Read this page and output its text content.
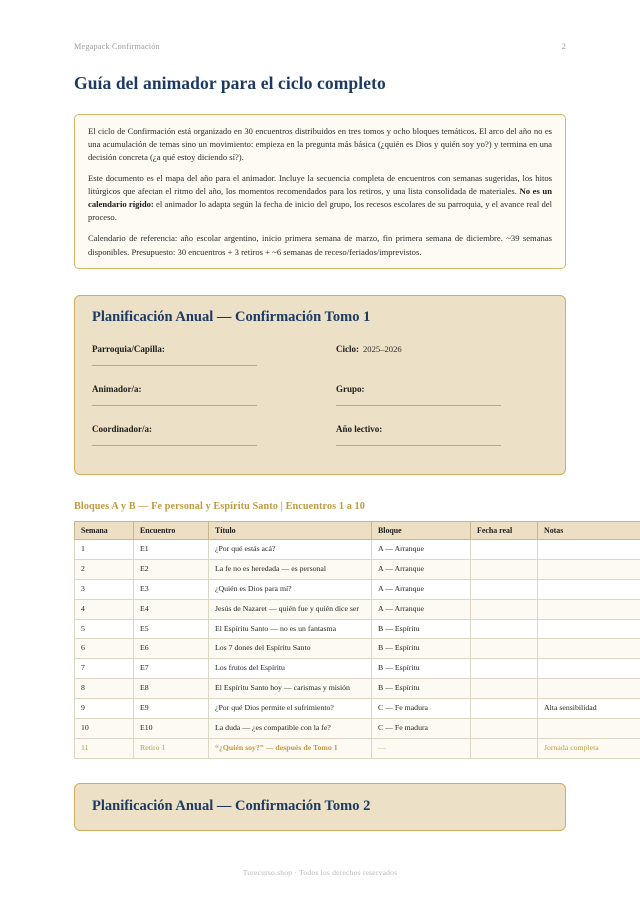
Megapack Confirmación	2
Guía del animador para el ciclo completo

El ciclo de Confirmación está organizado en 30 encuentros distribuidos en tres tomos y ocho bloques temáticos. El arco del año no es una acumulación de temas sino un movimiento: empieza en la pregunta más básica (¿quién es Dios y quién soy yo?) y termina en una decisión concreta (¿a qué estoy diciendo sí?).

Este documento es el mapa del año para el animador. Incluye la secuencia completa de encuentros con semanas sugeridas, los hitos litúrgicos que afectan el ritmo del año, los momentos recomendados para los retiros, y una lista consolidada de materiales. No es un calendario rígido: el animador lo adapta según la fecha de inicio del grupo, los recesos escolares de su parroquia, y el avance real del proceso.

Calendario de referencia: año escolar argentino, inicio primera semana de marzo, fin primera semana de diciembre. ~39 semanas disponibles. Presupuesto: 30 encuentros + 3 retiros + ~6 semanas de receso/feriados/imprevistos.

Planificación Anual — Confirmación Tomo 1
Parroquia/Capilla:	Ciclo: 2025–2026
Animador/a:	Grupo:
Coordinador/a:	Año lectivo:
Bloques A y B — Fe personal y Espíritu Santo | Encuentros 1 a 10
Semana	Encuentro	Título	Bloque	Fecha real	Notas
1	E1	¿Por qué estás acá?	A — Arranque		
2	E2	La fe no es heredada — es personal	A — Arranque		
3	E3	¿Quién es Dios para mí?	A — Arranque		
4	E4	Jesús de Nazaret — quién fue y quién dice ser	A — Arranque		
5	E5	El Espíritu Santo — no es un fantasma	B — Espíritu		
6	E6	Los 7 dones del Espíritu Santo	B — Espíritu		
7	E7	Los frutos del Espíritu	B — Espíritu		
8	E8	El Espíritu Santo hoy — carismas y misión	B — Espíritu		
9	E9	¿Por qué Dios permite el sufrimiento?	C — Fe madura		Alta sensibilidad
10	E10	La duda — ¿es compatible con la fe?	C — Fe madura		
11	Retiro 1	“¿Quién soy?” — después de Tomo 1	—		Jornada completa
Planificación Anual — Confirmación Tomo 2
Turecurso.shop · Todos los derechos reservados
